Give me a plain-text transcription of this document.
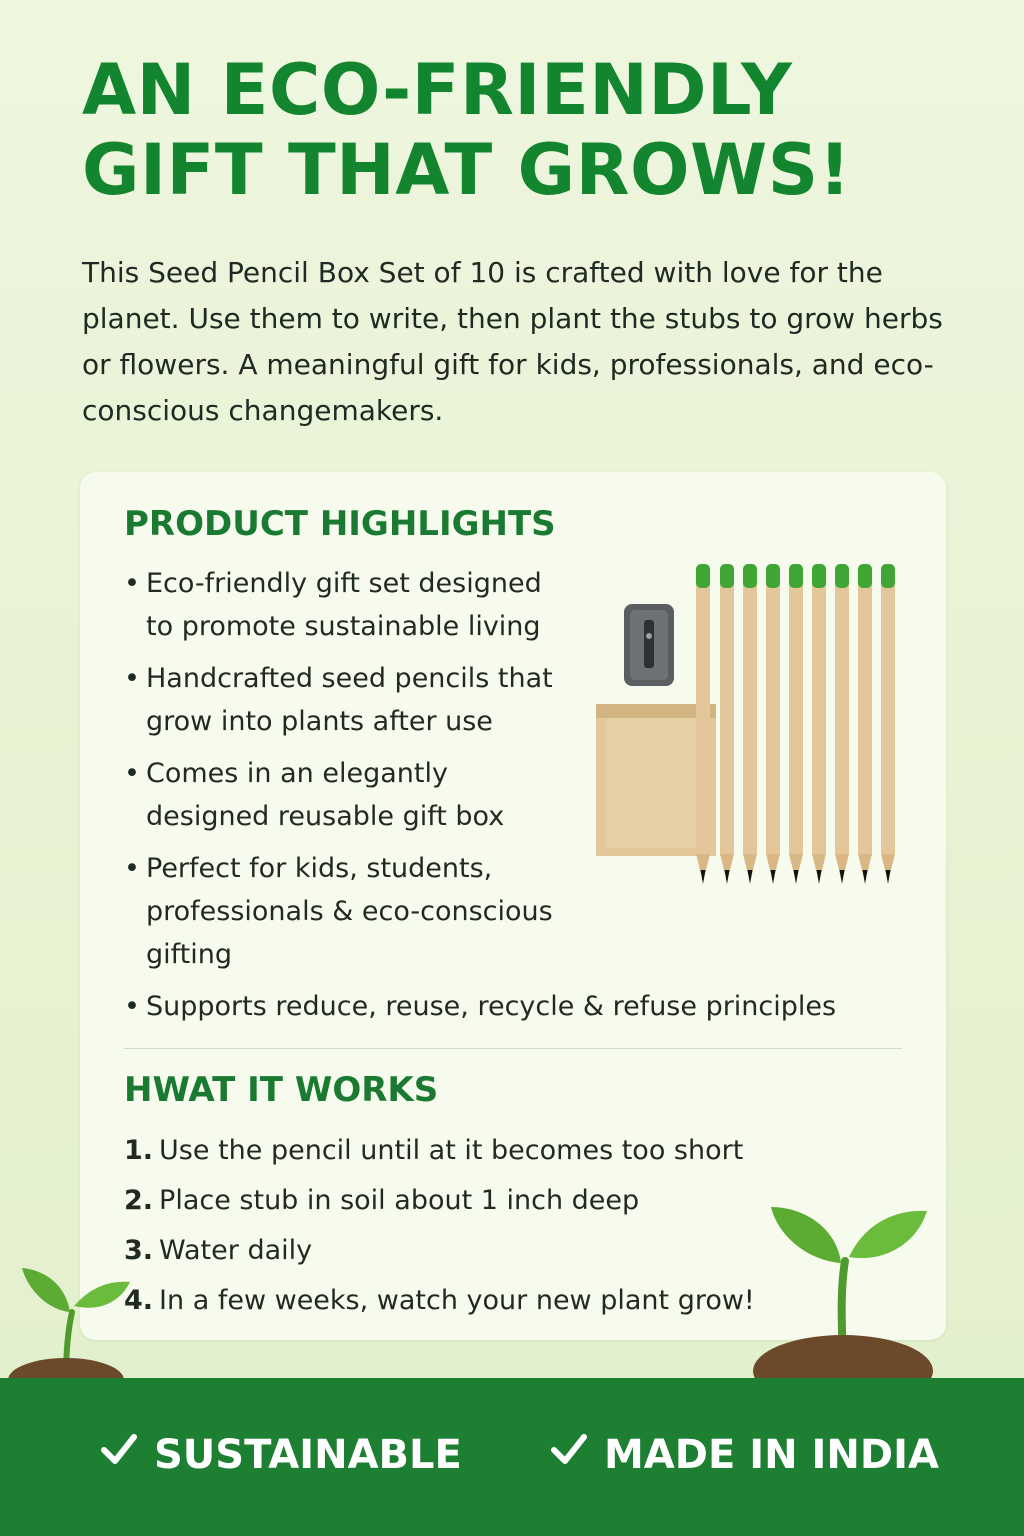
AN ECO-FRIENDLY
GIFT THAT GROWS!

This Seed Pencil Box Set of 10 is crafted with love for the planet. Use them to write, then plant the stubs to grow herbs or flowers. A meaningful gift for kids, professionals, and eco-conscious changemakers.

PRODUCT HIGHLIGHTS
• Eco-friendly gift set designed to promote sustainable living
• Handcrafted seed pencils that grow into plants after use
• Comes in an elegantly designed reusable gift box
• Perfect for kids, students, professionals & eco-conscious gifting
• Supports reduce, reuse, recycle & refuse principles
HWAT IT WORKS
1. Use the pencil until at it becomes too short
2. Place stub in soil about 1 inch deep
3. Water daily
4. In a few weeks, watch your new plant grow!
SUSTAINABLE	MADE IN INDIA
